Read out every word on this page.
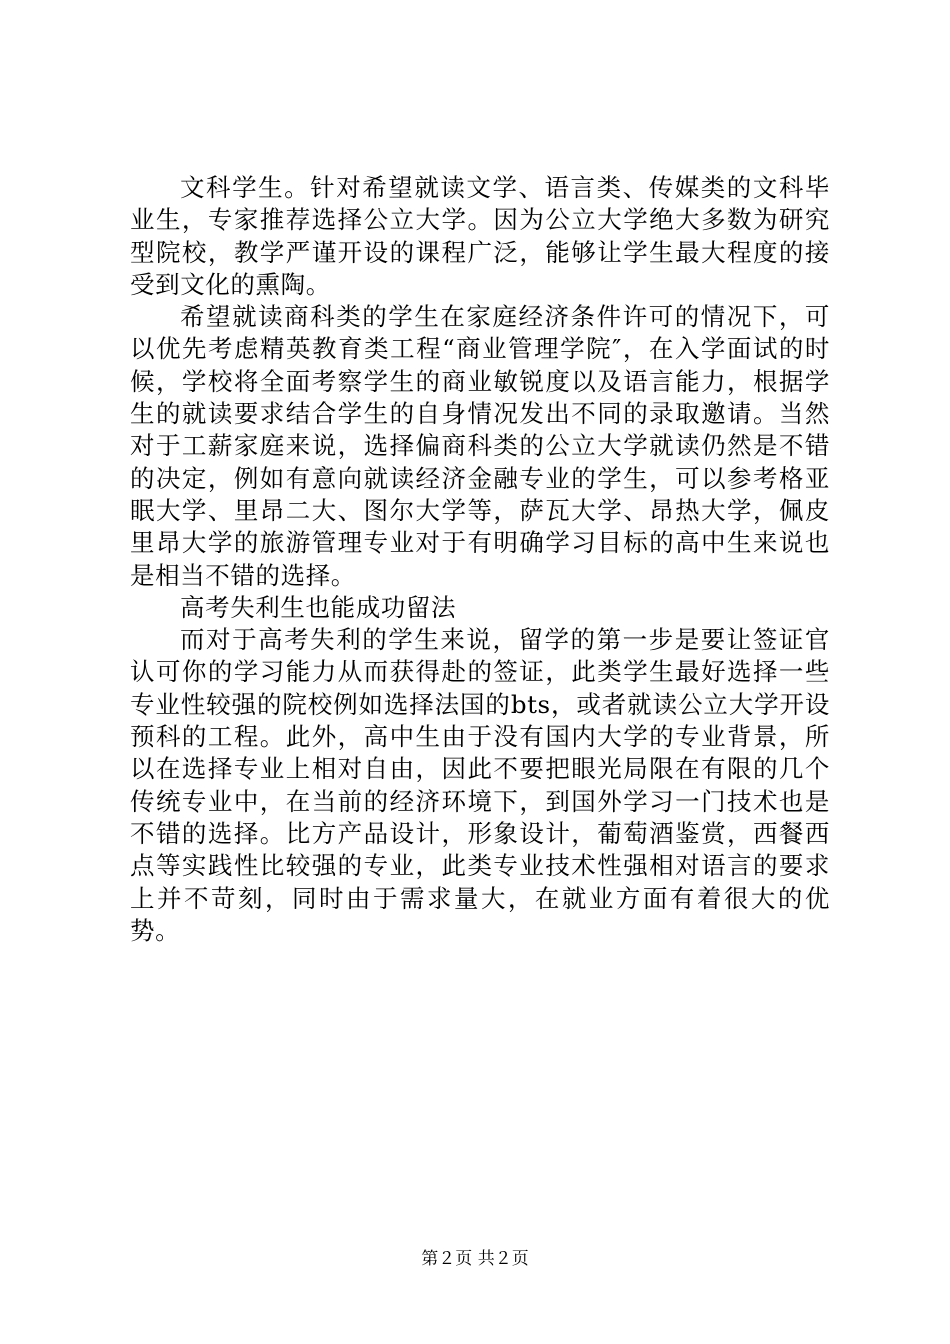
文科学生。针对希望就读文学、语言类、传媒类的文科毕业生，专家推荐选择公立大学。因为公立大学绝大多数为研究型院校，教学严谨开设的课程广泛，能够让学生最大程度的接受到文化的熏陶。

希望就读商科类的学生在家庭经济条件许可的情况下，可以优先考虑精英教育类工程“商业管理学院″，在入学面试的时候，学校将全面考察学生的商业敏锐度以及语言能力，根据学生的就读要求结合学生的自身情况发出不同的录取邀请。当然对于工薪家庭来说，选择偏商科类的公立大学就读仍然是不错的决定，例如有意向就读经济金融专业的学生，可以参考格亚眠大学、里昂二大、图尔大学等，萨瓦大学、昂热大学，佩皮里昂大学的旅游管理专业对于有明确学习目标的高中生来说也是相当不错的选择。

高考失利生也能成功留法

而对于高考失利的学生来说，留学的第一步是要让签证官认可你的学习能力从而获得赴的签证，此类学生最好选择一些专业性较强的院校例如选择法国的bts，或者就读公立大学开设预科的工程。此外，高中生由于没有国内大学的专业背景，所以在选择专业上相对自由，因此不要把眼光局限在有限的几个传统专业中，在当前的经济环境下，到国外学习一门技术也是不错的选择。比方产品设计，形象设计，葡萄酒鉴赏，西餐西点等实践性比较强的专业，此类专业技术性强相对语言的要求上并不苛刻，同时由于需求量大，在就业方面有着很大的优势。

第２页 共２页
